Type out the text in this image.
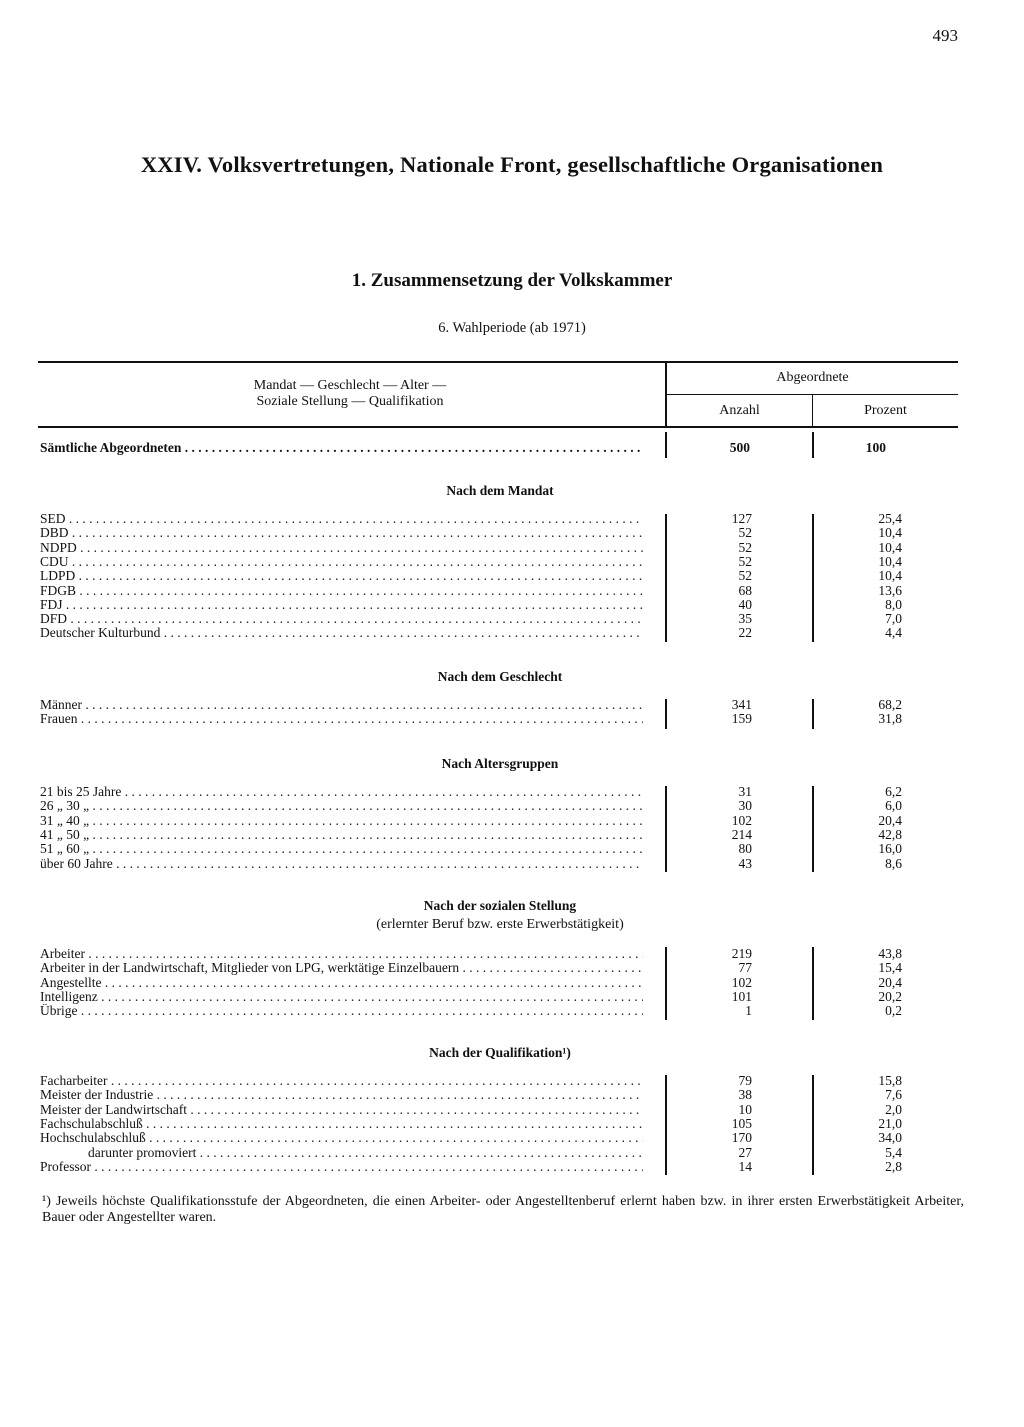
493
XXIV. Volksvertretungen, Nationale Front, gesellschaftliche Organisationen
1. Zusammensetzung der Volkskammer
6. Wahlperiode (ab 1971)
Mandat — Geschlecht — Alter —
Soziale Stellung — Qualifikation
Abgeordnete
Anzahl	Prozent
Sämtliche Abgeordneten . . .	500	100
Nach dem Mandat
SED . . .	127	25,4
DBD . . .	52	10,4
NDPD . . .	52	10,4
CDU . . .	52	10,4
LDPD . . .	52	10,4
FDGB . . .	68	13,6
FDJ . . .	40	8,0
DFD . . .	35	7,0
Deutscher Kulturbund . . .	22	4,4
Nach dem Geschlecht
Männer . . .	341	68,2
Frauen . . .	159	31,8
Nach Altersgruppen
21 bis 25 Jahre . . .	31	6,2
26 „ 30 „ . . .	30	6,0
31 „ 40 „ . . .	102	20,4
41 „ 50 „ . . .	214	42,8
51 „ 60 „ . . .	80	16,0
über 60 Jahre . . .	43	8,6
Nach der sozialen Stellung
(erlernter Beruf bzw. erste Erwerbstätigkeit)
Arbeiter . . .	219	43,8
Arbeiter in der Landwirtschaft, Mitglieder von LPG, werktätige Einzelbauern . . .	77	15,4
Angestellte . . .	102	20,4
Intelligenz . . .	101	20,2
Übrige . . .	1	0,2
Nach der Qualifikation¹)
Facharbeiter . . .	79	15,8
Meister der Industrie . . .	38	7,6
Meister der Landwirtschaft . . .	10	2,0
Fachschulabschluß . . .	105	21,0
Hochschulabschluß . . .	170	34,0
darunter promoviert . . .	27	5,4
Professor . . .	14	2,8
¹) Jeweils höchste Qualifikationsstufe der Abgeordneten, die einen Arbeiter- oder Angestelltenberuf erlernt haben bzw. in ihrer ersten Erwerbstätigkeit Arbeiter, Bauer oder Angestellter waren.
